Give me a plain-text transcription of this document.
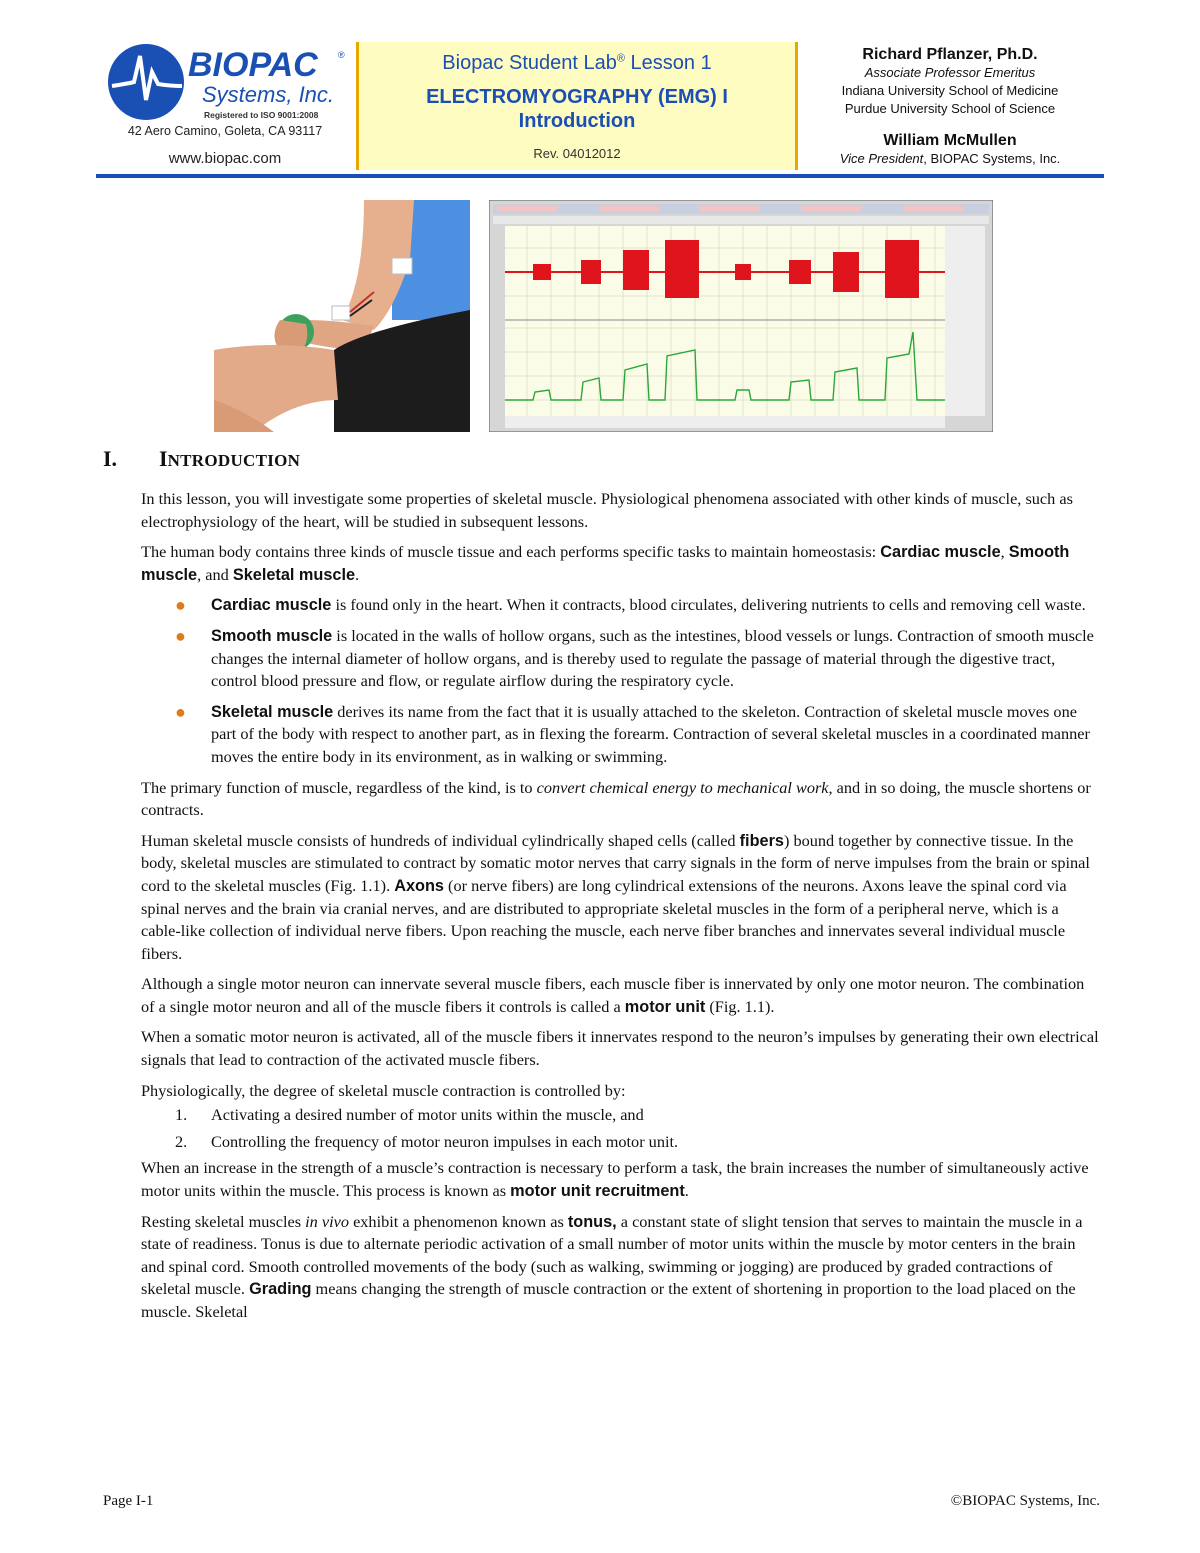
BIOPAC ®
Systems, Inc.
Registered to ISO 9001:2008
42 Aero Camino, Goleta, CA 93117
www.biopac.com
Biopac Student Lab® Lesson 1
ELECTROMYOGRAPHY (EMG) I
Introduction
Rev. 04012012
Richard Pflanzer, Ph.D.
Associate Professor Emeritus
Indiana University School of Medicine
Purdue University School of Science
William McMullen
Vice President, BIOPAC Systems, Inc.
I. INTRODUCTION

In this lesson, you will investigate some properties of skeletal muscle. Physiological phenomena associated with other kinds of muscle, such as electrophysiology of the heart, will be studied in subsequent lessons.

The human body contains three kinds of muscle tissue and each performs specific tasks to maintain homeostasis: Cardiac muscle, Smooth muscle, and Skeletal muscle.

● Cardiac muscle is found only in the heart. When it contracts, blood circulates, delivering nutrients to cells and removing cell waste.
● Smooth muscle is located in the walls of hollow organs, such as the intestines, blood vessels or lungs. Contraction of smooth muscle changes the internal diameter of hollow organs, and is thereby used to regulate the passage of material through the digestive tract, control blood pressure and flow, or regulate airflow during the respiratory cycle.
● Skeletal muscle derives its name from the fact that it is usually attached to the skeleton. Contraction of skeletal muscle moves one part of the body with respect to another part, as in flexing the forearm. Contraction of several skeletal muscles in a coordinated manner moves the entire body in its environment, as in walking or swimming.

The primary function of muscle, regardless of the kind, is to convert chemical energy to mechanical work, and in so doing, the muscle shortens or contracts.

Human skeletal muscle consists of hundreds of individual cylindrically shaped cells (called fibers) bound together by connective tissue. In the body, skeletal muscles are stimulated to contract by somatic motor nerves that carry signals in the form of nerve impulses from the brain or spinal cord to the skeletal muscles (Fig. 1.1). Axons (or nerve fibers) are long cylindrical extensions of the neurons. Axons leave the spinal cord via spinal nerves and the brain via cranial nerves, and are distributed to appropriate skeletal muscles in the form of a peripheral nerve, which is a cable-like collection of individual nerve fibers. Upon reaching the muscle, each nerve fiber branches and innervates several individual muscle fibers.

Although a single motor neuron can innervate several muscle fibers, each muscle fiber is innervated by only one motor neuron. The combination of a single motor neuron and all of the muscle fibers it controls is called a motor unit (Fig. 1.1).

When a somatic motor neuron is activated, all of the muscle fibers it innervates respond to the neuron’s impulses by generating their own electrical signals that lead to contraction of the activated muscle fibers.

Physiologically, the degree of skeletal muscle contraction is controlled by:

1. Activating a desired number of motor units within the muscle, and
2. Controlling the frequency of motor neuron impulses in each motor unit.

When an increase in the strength of a muscle’s contraction is necessary to perform a task, the brain increases the number of simultaneously active motor units within the muscle. This process is known as motor unit recruitment.

Resting skeletal muscles in vivo exhibit a phenomenon known as tonus, a constant state of slight tension that serves to maintain the muscle in a state of readiness. Tonus is due to alternate periodic activation of a small number of motor units within the muscle by motor centers in the brain and spinal cord. Smooth controlled movements of the body (such as walking, swimming or jogging) are produced by graded contractions of skeletal muscle. Grading means changing the strength of muscle contraction or the extent of shortening in proportion to the load placed on the muscle. Skeletal

Page I-1	©BIOPAC Systems, Inc.
